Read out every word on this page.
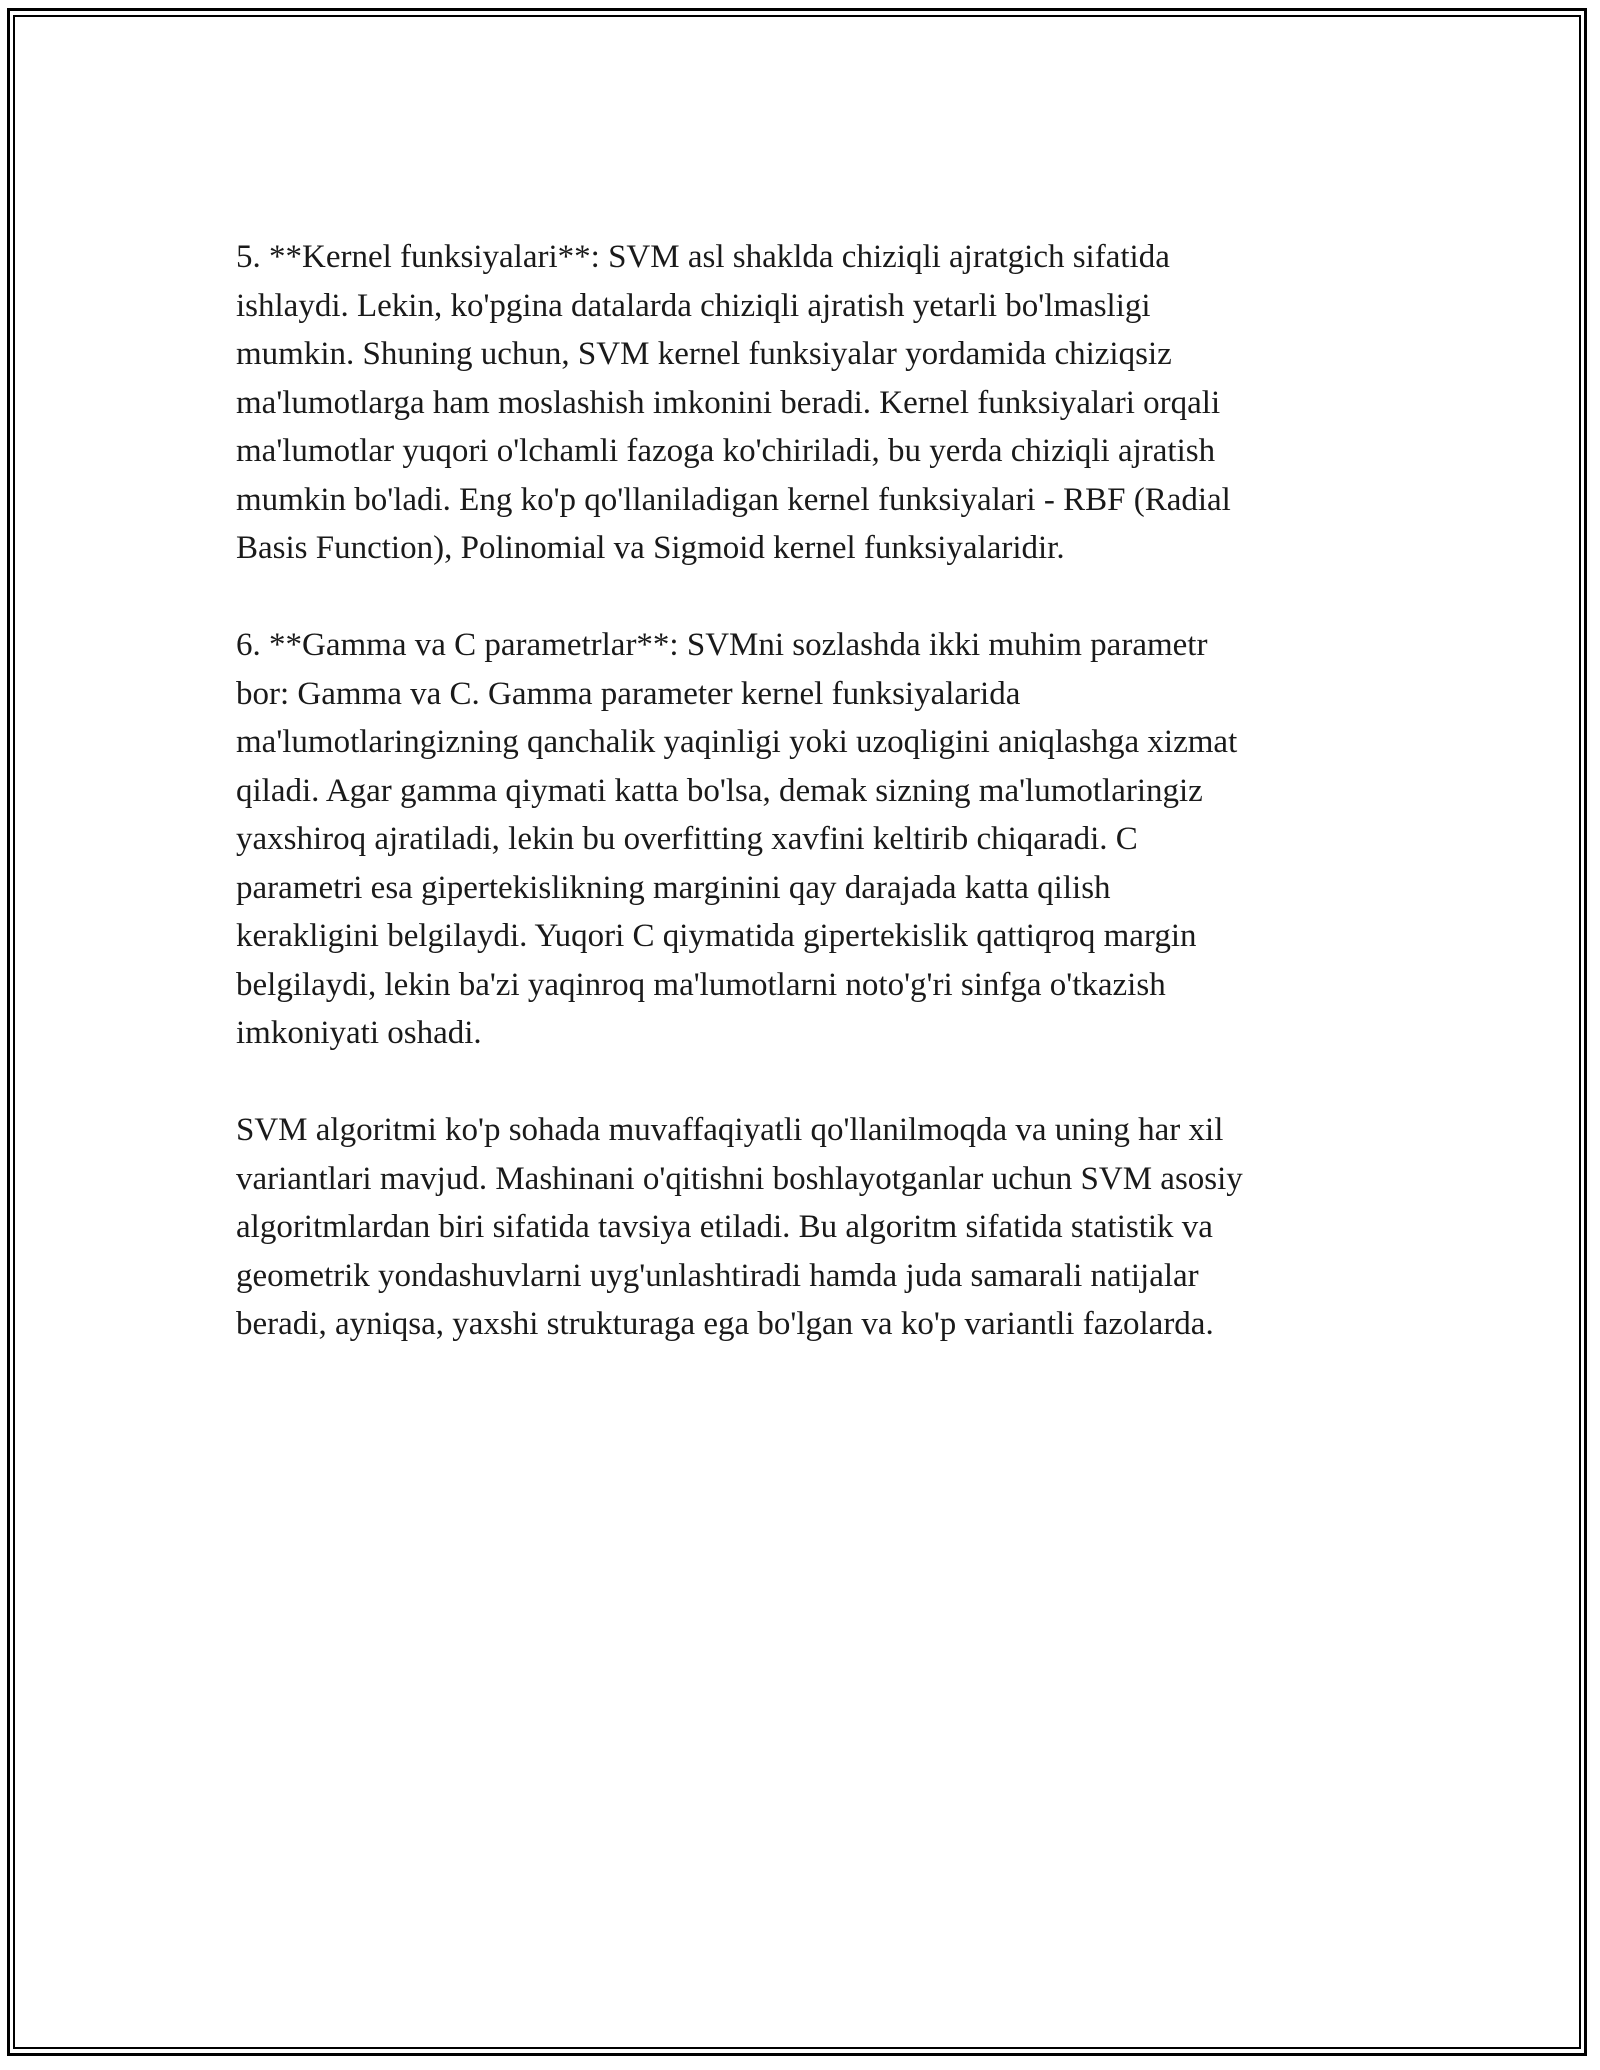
5. **Kernel funksiyalari**: SVM asl shaklda chiziqli ajratgich sifatida
ishlaydi. Lekin, ko'pgina datalarda chiziqli ajratish yetarli bo'lmasligi
mumkin. Shuning uchun, SVM kernel funksiyalar yordamida chiziqsiz
ma'lumotlarga ham moslashish imkonini beradi. Kernel funksiyalari orqali
ma'lumotlar yuqori o'lchamli fazoga ko'chiriladi, bu yerda chiziqli ajratish
mumkin bo'ladi. Eng ko'p qo'llaniladigan kernel funksiyalari - RBF (Radial
Basis Function), Polinomial va Sigmoid kernel funksiyalaridir.

6. **Gamma va C parametrlar**: SVMni sozlashda ikki muhim parametr
bor: Gamma va C. Gamma parameter kernel funksiyalarida
ma'lumotlaringizning qanchalik yaqinligi yoki uzoqligini aniqlashga xizmat
qiladi. Agar gamma qiymati katta bo'lsa, demak sizning ma'lumotlaringiz
yaxshiroq ajratiladi, lekin bu overfitting xavfini keltirib chiqaradi. C
parametri esa gipertekislikning marginini qay darajada katta qilish
kerakligini belgilaydi. Yuqori C qiymatida gipertekislik qattiqroq margin
belgilaydi, lekin ba'zi yaqinroq ma'lumotlarni noto'g'ri sinfga o'tkazish
imkoniyati oshadi.

SVM algoritmi ko'p sohada muvaffaqiyatli qo'llanilmoqda va uning har xil
variantlari mavjud. Mashinani o'qitishni boshlayotganlar uchun SVM asosiy
algoritmlardan biri sifatida tavsiya etiladi. Bu algoritm sifatida statistik va
geometrik yondashuvlarni uyg'unlashtiradi hamda juda samarali natijalar
beradi, ayniqsa, yaxshi strukturaga ega bo'lgan va ko'p variantli fazolarda.
